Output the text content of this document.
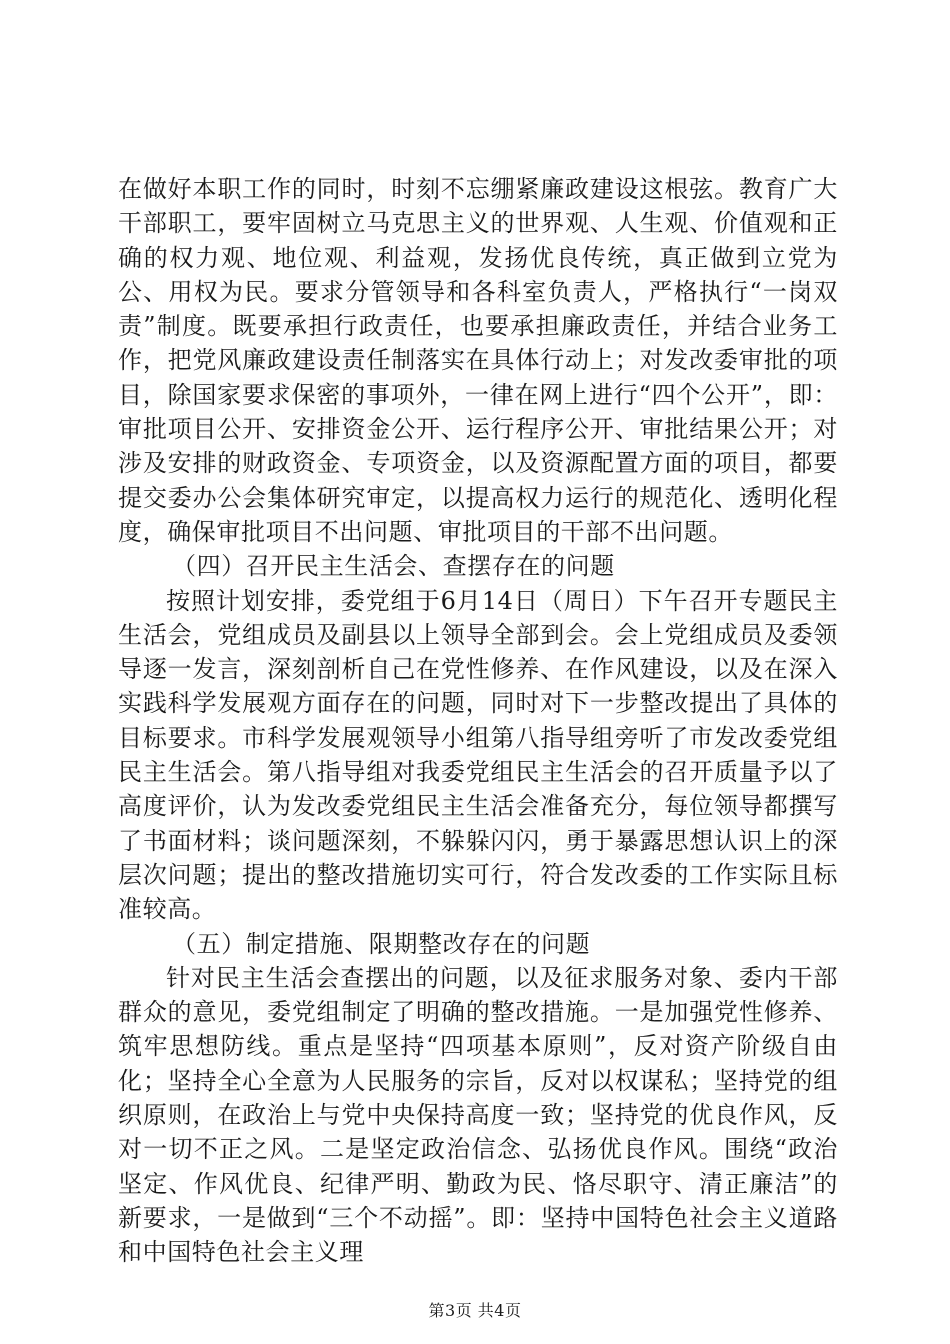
在做好本职工作的同时，时刻不忘绷紧廉政建设这根弦。教育广大干部职工，要牢固树立马克思主义的世界观、人生观、价值观和正确的权力观、地位观、利益观，发扬优良传统，真正做到立党为公、用权为民。要求分管领导和各科室负责人，严格执行“一岗双责”制度。既要承担行政责任，也要承担廉政责任，并结合业务工作，把党风廉政建设责任制落实在具体行动上；对发改委审批的项目，除国家要求保密的事项外，一律在网上进行“四个公开”，即：审批项目公开、安排资金公开、运行程序公开、审批结果公开；对涉及安排的财政资金、专项资金，以及资源配置方面的项目，都要提交委办公会集体研究审定，以提高权力运行的规范化、透明化程度，确保审批项目不出问题、审批项目的干部不出问题。

（四）召开民主生活会、查摆存在的问题

按照计划安排，委党组于6月14日（周日）下午召开专题民主生活会，党组成员及副县以上领导全部到会。会上党组成员及委领导逐一发言，深刻剖析自己在党性修养、在作风建设，以及在深入实践科学发展观方面存在的问题，同时对下一步整改提出了具体的目标要求。市科学发展观领导小组第八指导组旁听了市发改委党组民主生活会。第八指导组对我委党组民主生活会的召开质量予以了高度评价，认为发改委党组民主生活会准备充分，每位领导都撰写了书面材料；谈问题深刻，不躲躲闪闪，勇于暴露思想认识上的深层次问题；提出的整改措施切实可行，符合发改委的工作实际且标准较高。

（五）制定措施、限期整改存在的问题

针对民主生活会查摆出的问题，以及征求服务对象、委内干部群众的意见，委党组制定了明确的整改措施。一是加强党性修养、筑牢思想防线。重点是坚持“四项基本原则”，反对资产阶级自由化；坚持全心全意为人民服务的宗旨，反对以权谋私；坚持党的组织原则，在政治上与党中央保持高度一致；坚持党的优良作风，反对一切不正之风。二是坚定政治信念、弘扬优良作风。围绕“政治坚定、作风优良、纪律严明、勤政为民、恪尽职守、清正廉洁”的新要求，一是做到“三个不动摇”。即：坚持中国特色社会主义道路和中国特色社会主义理

第3页 共4页
